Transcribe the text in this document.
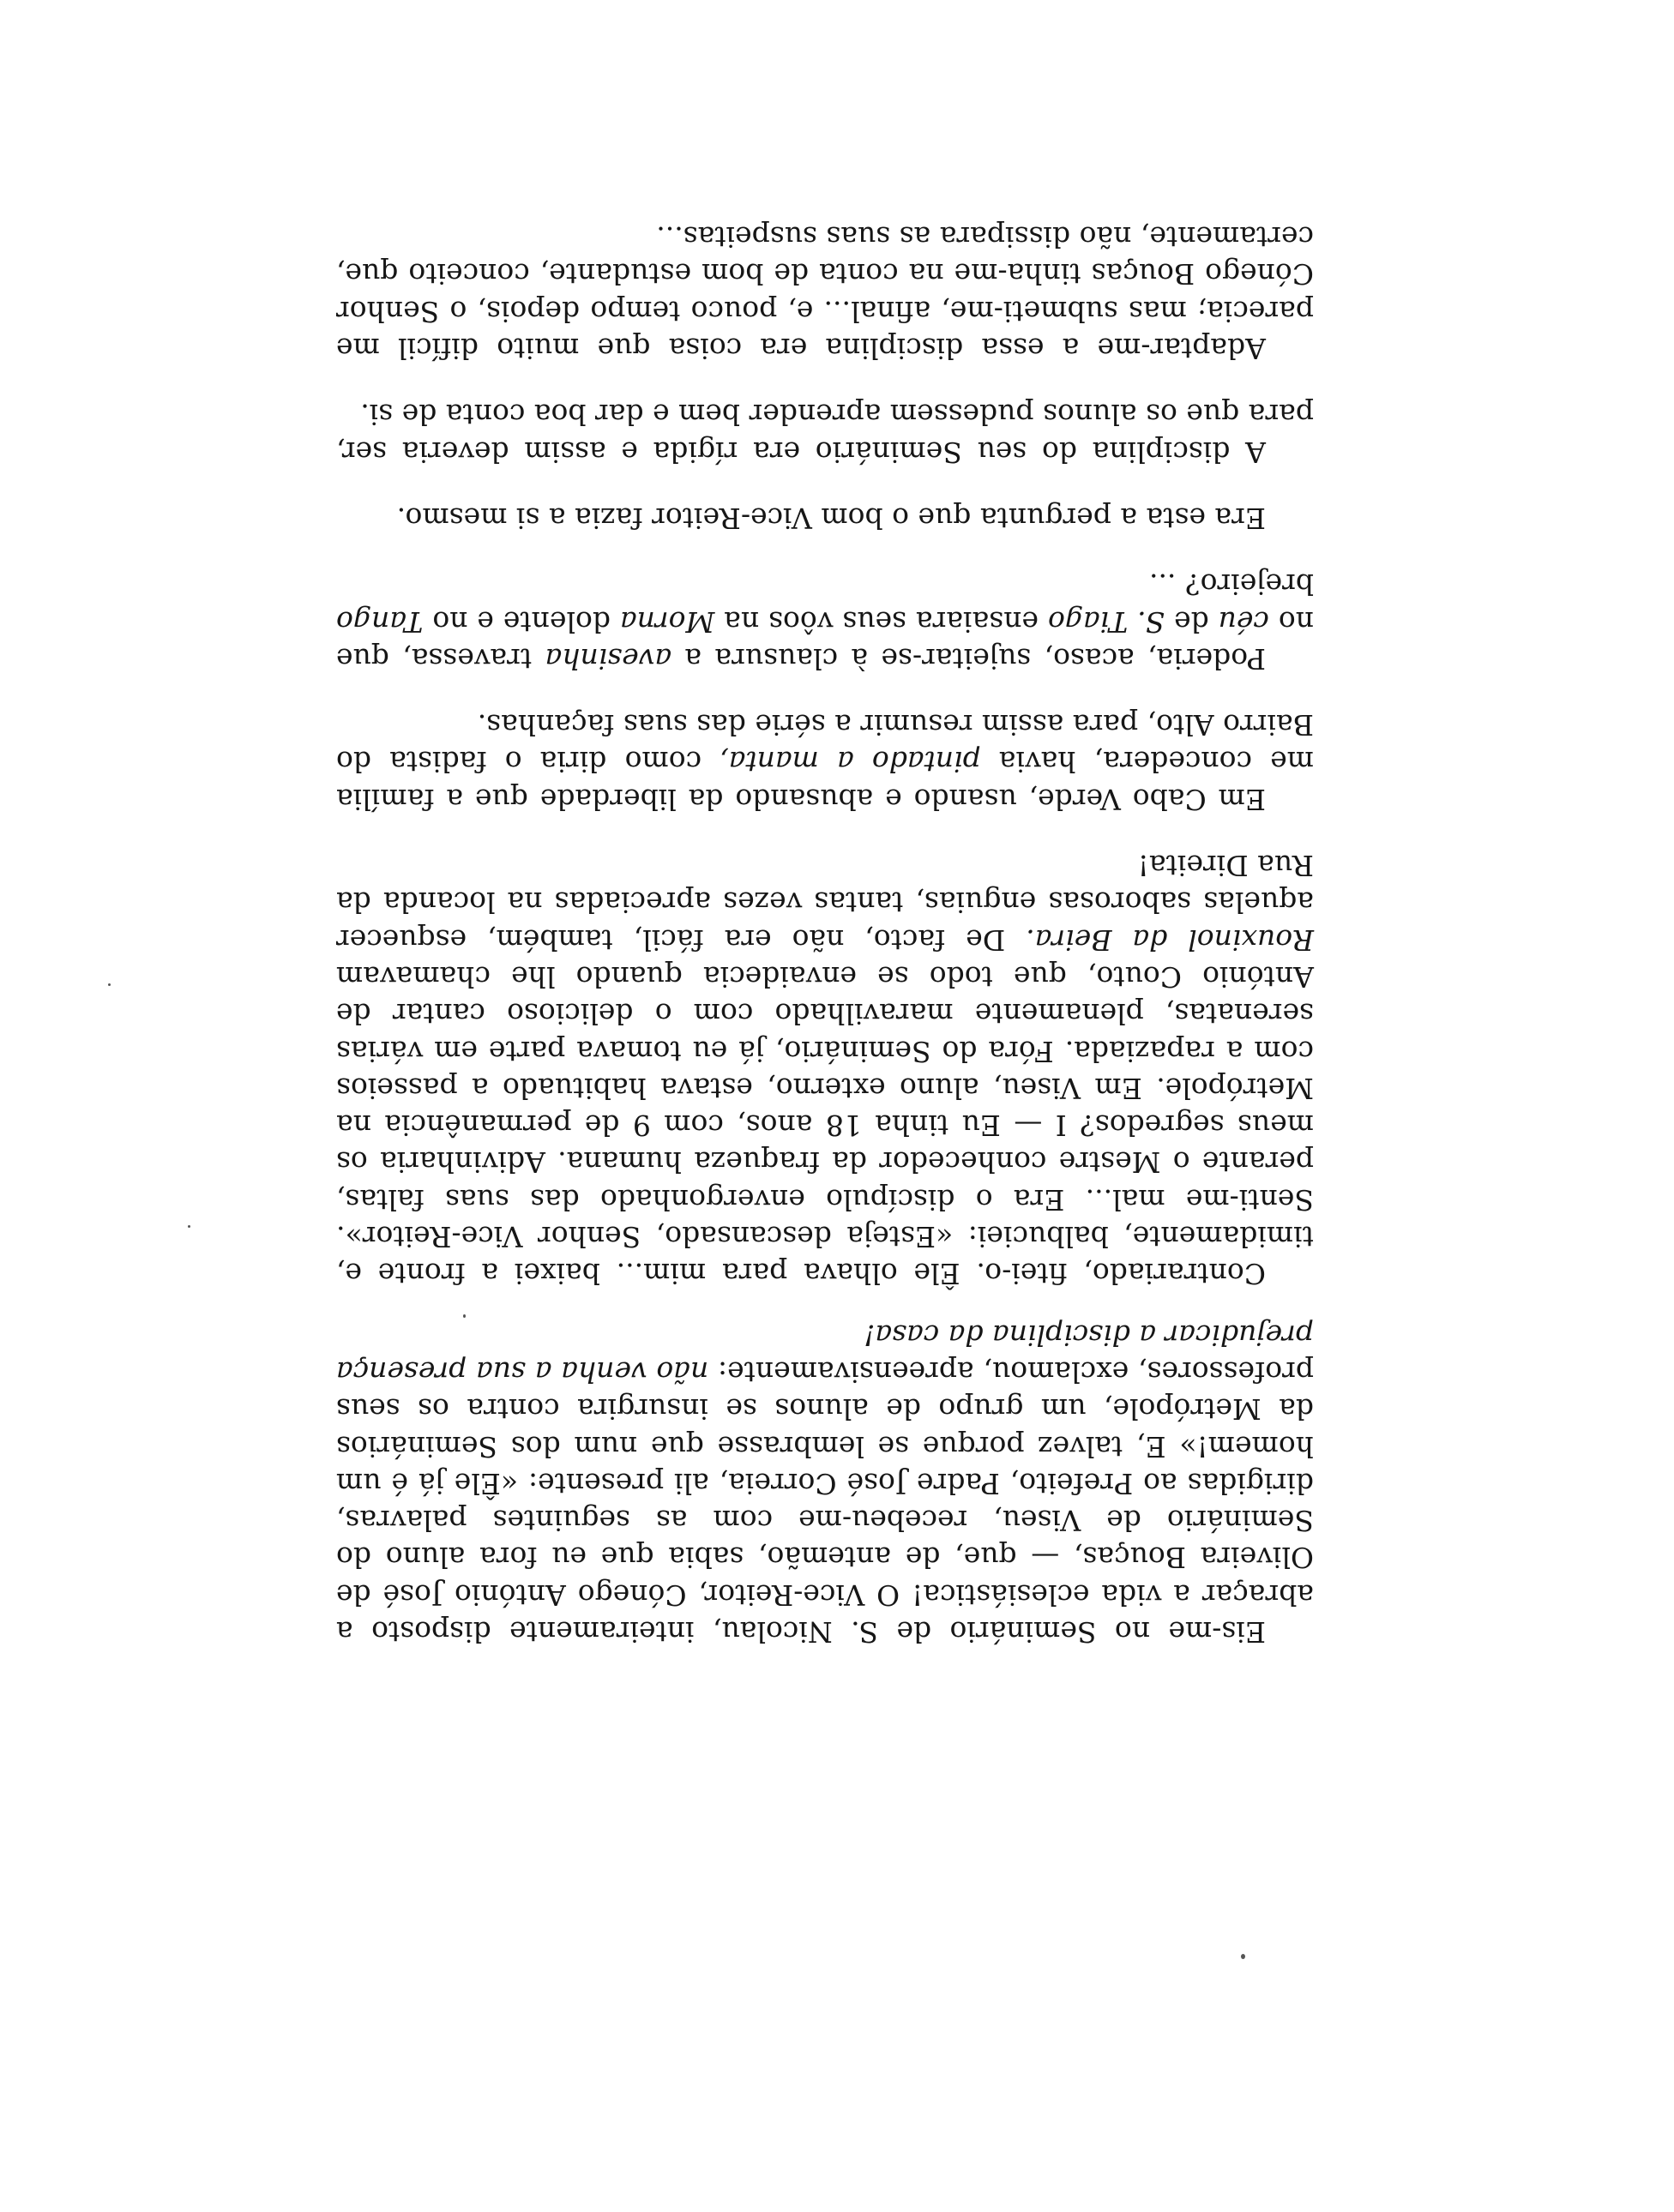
Eis-me no Seminário de S. Nicolau, inteiramente disposto a abraçar a vida eclesiástica! O Vice-Reitor, Cónego António José de Oliveira Bouças, — que, de antemão, sabia que eu fora aluno do Seminário de Viseu, recebeu-me com as seguintes palavras, dirigidas ao Prefeito, Padre José Correia, ali presente: «Êle já é um homem!» E, talvez porque se lembrasse que num dos Seminários da Metrópole, um grupo de alunos se insurgira contra os seus professores, exclamou, apreensivamente: não venha a sua presença prejudicar a disciplina da casa!

Contrariado, fitei-o. Êle olhava para mim... baixei a fronte e, timidamente, balbuciei: «Esteja descansado, Senhor Vice-Reitor». Senti-me mal... Era o discípulo envergonhado das suas faltas, perante o Mestre conhecedor da fraqueza humana. Adivinharia os meus segredos? I — Eu tinha 18 anos, com 9 de permanência na Metrópole. Em Viseu, aluno externo, estava habituado a passeios com a rapaziada. Fóra do Seminário, já eu tomava parte em várias serenatas, plenamente maravilhado com o delicioso cantar de António Couto, que todo se envaidecia quando lhe chamavam Rouxinol da Beira. De facto, não era fácil, também, esquecer aquelas saborosas enguias, tantas vezes apreciadas na locanda da Rua Direita!

Em Cabo Verde, usando e abusando da liberdade que a família me concedera, havia pintado a manta, como diria o fadista do Bairro Alto, para assim resumir a série das suas façanhas.

Poderia, acaso, sujeitar-se à clausura a avesinha travessa, que no céu de S. Tiago ensaiara seus vôos na Morna dolente e no Tango brejeiro? ...

Era esta a pergunta que o bom Vice-Reitor fazia a si mesmo.

A disciplina do seu Seminário era rígida e assim deveria ser, para que os alunos pudessem aprender bem e dar boa conta de si.

Adaptar-me a essa disciplina era coisa que muito difícil me parecia; mas submeti-me, afinal... e, pouco tempo depois, o Senhor Cónego Bouças tinha-me na conta de bom estudante, conceito que, certamente, não dissipara as suas suspeitas...
